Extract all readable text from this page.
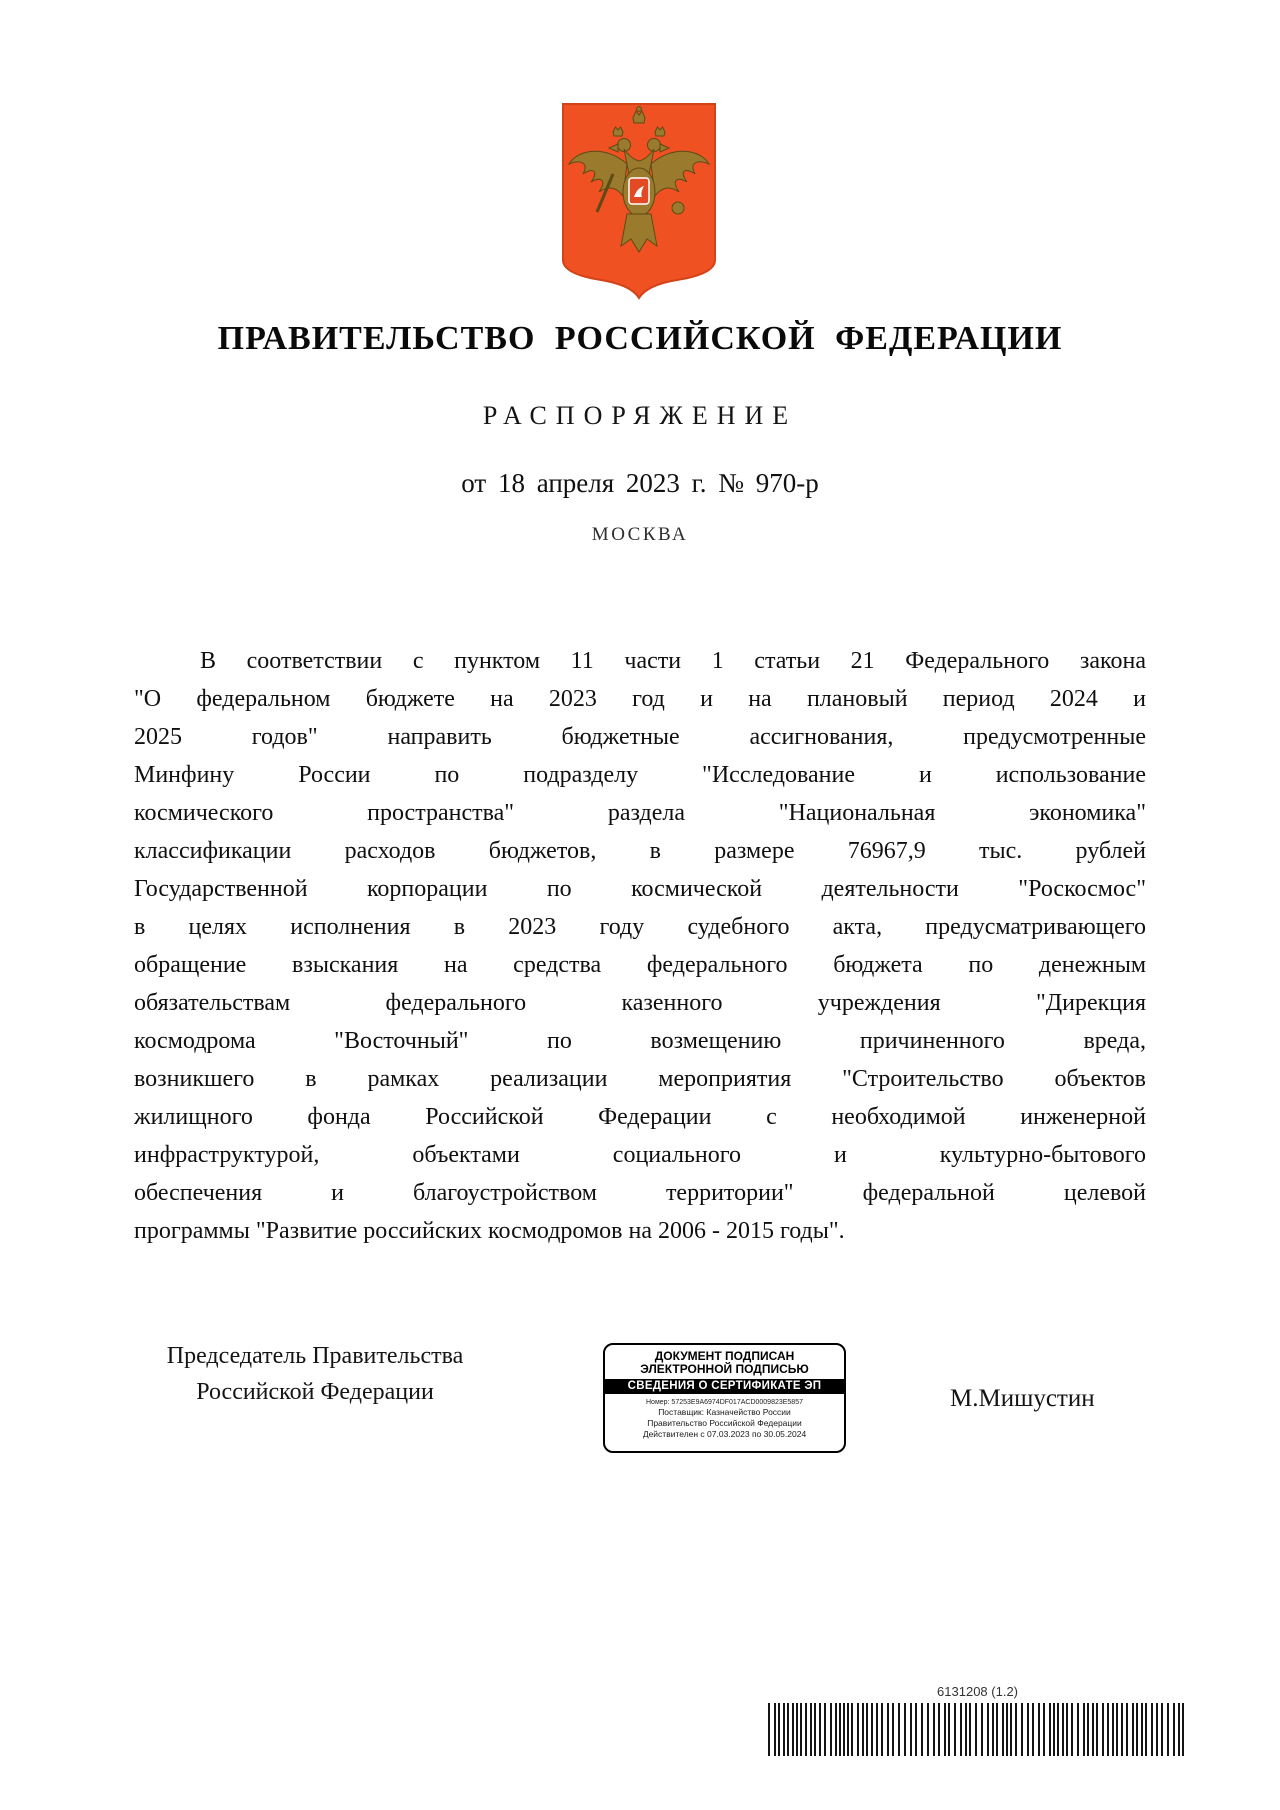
ПРАВИТЕЛЬСТВО РОССИЙСКОЙ ФЕДЕРАЦИИ
РАСПОРЯЖЕНИЕ
от 18 апреля 2023 г. № 970-р
МОСКВА
В соответствии с пунктом 11 части 1 статьи 21 Федерального закона
"О федеральном бюджете на 2023 год и на плановый период 2024 и
2025 годов" направить бюджетные ассигнования, предусмотренные
Минфину России по подразделу "Исследование и использование
космического пространства" раздела "Национальная экономика"
классификации расходов бюджетов, в размере 76967,9 тыс. рублей
Государственной корпорации по космической деятельности "Роскосмос"
в целях исполнения в 2023 году судебного акта, предусматривающего
обращение взыскания на средства федерального бюджета по денежным
обязательствам федерального казенного учреждения "Дирекция
космодрома "Восточный" по возмещению причиненного вреда,
возникшего в рамках реализации мероприятия "Строительство объектов
жилищного фонда Российской Федерации с необходимой инженерной
инфраструктурой, объектами социального и культурно-бытового
обеспечения и благоустройством территории" федеральной целевой
программы "Развитие российских космодромов на 2006 - 2015 годы".
Председатель Правительства
Российской Федерации
ДОКУМЕНТ ПОДПИСАН
ЭЛЕКТРОННОЙ ПОДПИСЬЮ
СВЕДЕНИЯ О СЕРТИФИКАТЕ ЭП
Номер: 57253E9A6974DF017ACD0009823E5857
Поставщик: Казначейство России
Правительство Российской Федерации
Действителен с 07.03.2023 по 30.05.2024
М.Мишустин
6131208 (1.2)
